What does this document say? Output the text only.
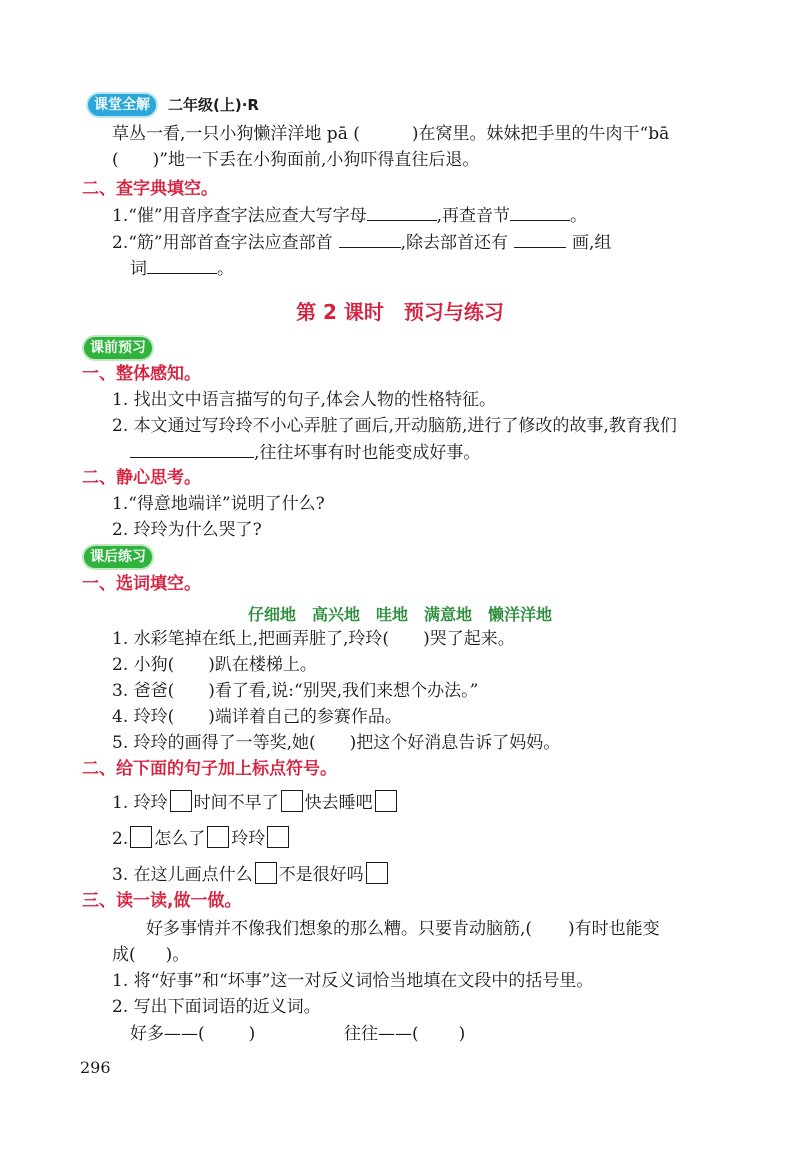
课堂全解	二年级(上)·R
草丛一看,一只小狗懒洋洋地 pā (	)在窝里。妹妹把手里的牛肉干“bā
( )”地一下丢在小狗面前,小狗吓得直往后退。
二、查字典填空。
1.“催”用音序查字法应查大写字母	,再查音节	。
2.“筋”用部首查字法应查部首	,除去部首还有	画,组
词	。
第 2 课时　预习与练习
课前预习
一、整体感知。
1. 找出文中语言描写的句子,体会人物的性格特征。
2. 本文通过写玲玲不小心弄脏了画后,开动脑筋,进行了修改的故事,教育我们
,往往坏事有时也能变成好事。
二、静心思考。
1.“得意地端详”说明了什么?
2. 玲玲为什么哭了?
课后练习
一、选词填空。
仔细地　高兴地　哇地　满意地　懒洋洋地
1. 水彩笔掉在纸上,把画弄脏了,玲玲( )哭了起来。
2. 小狗( )趴在楼梯上。
3. 爸爸( )看了看,说:“别哭,我们来想个办法。”
4. 玲玲( )端详着自己的参赛作品。
5. 玲玲的画得了一等奖,她( )把这个好消息告诉了妈妈。
二、给下面的句子加上标点符号。
1. 玲玲 时间不早了 快去睡吧
2. 怎么了 玲玲
3. 在这儿画点什么 不是很好吗
三、读一读,做一做。
好多事情并不像我们想象的那么糟。只要肯动脑筋,( )有时也能变
成( )。
1. 将“好事”和“坏事”这一对反义词恰当地填在文段中的括号里。
2. 写出下面词语的近义词。
好多——(	)	往往——( )
296
